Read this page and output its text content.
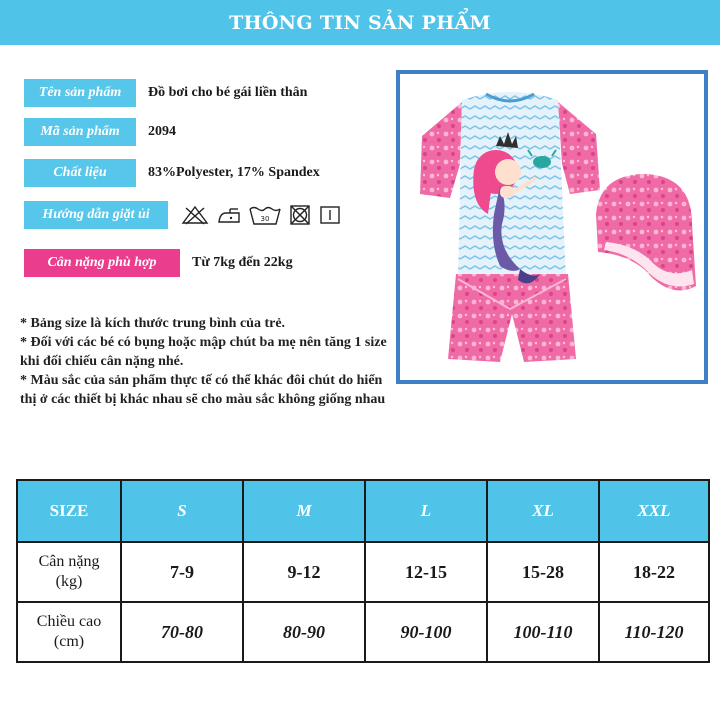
THÔNG TIN SẢN PHẨM
Tên sản phẩm	Đồ bơi cho bé gái liền thân
Mã sản phẩm	2094
Chất liệu	83%Polyester, 17% Spandex
Hướng dẫn giặt ủi	30
Cân nặng phù hợp	Từ 7kg đến 22kg

* Bảng size là kích thước trung bình của trẻ.

* Đối với các bé có bụng hoặc mập chút ba mẹ nên tăng 1 size khi đối chiếu cân nặng nhé.

* Màu sắc của sản phẩm thực tế có thể khác đôi chút do hiển thị ở các thiết bị khác nhau sẽ cho màu sắc không giống nhau

SIZE	S	M	L	XL	XXL

Cân nặng
(kg)	7-9	9-12	12-15	15-28	18-22

Chiều cao
(cm)	70-80	80-90	90-100	100-110	110-120
